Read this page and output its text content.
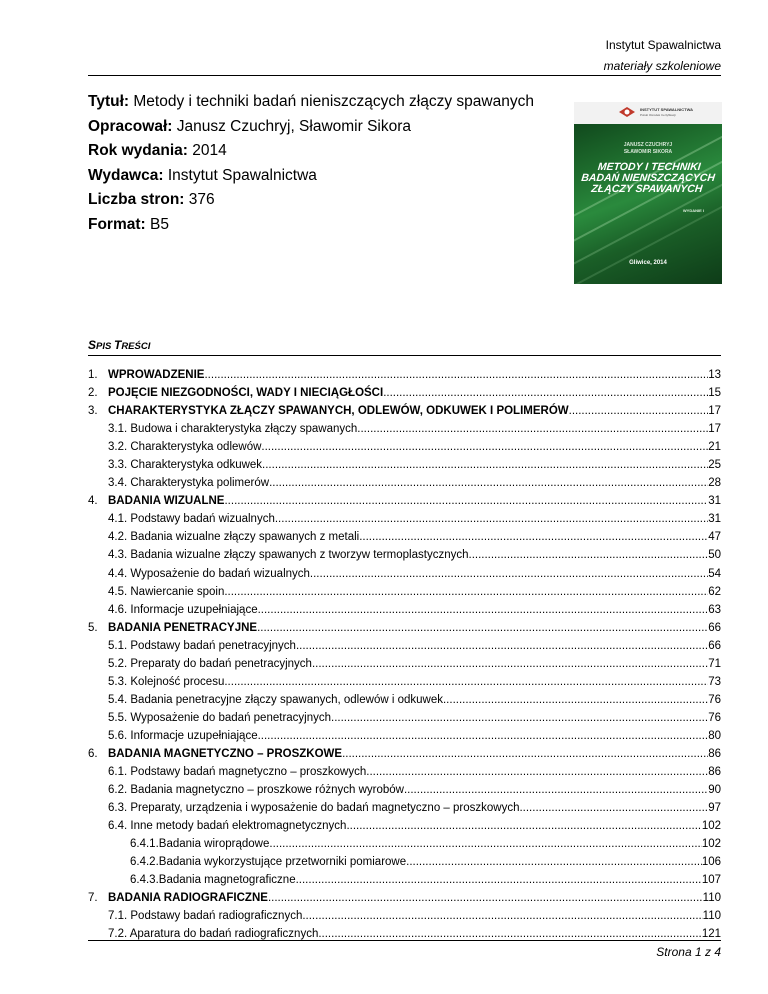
Instytut Spawalnictwa
materiały szkoleniowe
Tytuł: Metody i techniki badań nieniszczących złączy spawanych
Opracował: Janusz Czuchryj, Sławomir Sikora
Rok wydania: 2014
Wydawca: Instytut Spawalnictwa
Liczba stron: 376
Format: B5
INSTYTUT SPAWALNICTWA
Polski Ośrodek Certyfikacji
JANUSZ CZUCHRYJ
SŁAWOMIR SIKORA
METODY I TECHNIKI
BADAŃ NIENISZCZĄCYCH
ZŁĄCZY SPAWANYCH
WYDANIE I
Gliwice, 2014
SPIS TREŚCI
1. WPROWADZENIE .....	13
2. POJĘCIE NIEZGODNOŚCI, WADY I NIECIĄGŁOŚCI .....	15
3. CHARAKTERYSTYKA ZŁĄCZY SPAWANYCH, ODLEWÓW, ODKUWEK I POLIMERÓW .....	17
3.1. Budowa i charakterystyka złączy spawanych .....	17
3.2. Charakterystyka odlewów .....	21
3.3. Charakterystyka odkuwek .....	25
3.4. Charakterystyka polimerów .....	28
4. BADANIA WIZUALNE .....	31
4.1. Podstawy badań wizualnych .....	31
4.2. Badania wizualne złączy spawanych z metali .....	47
4.3. Badania wizualne złączy spawanych z tworzyw termoplastycznych .....	50
4.4. Wyposażenie do badań wizualnych .....	54
4.5. Nawiercanie spoin .....	62
4.6. Informacje uzupełniające .....	63
5. BADANIA PENETRACYJNE .....	66
5.1. Podstawy badań penetracyjnych .....	66
5.2. Preparaty do badań penetracyjnych .....	71
5.3. Kolejność procesu .....	73
5.4. Badania penetracyjne złączy spawanych, odlewów i odkuwek .....	76
5.5. Wyposażenie do badań penetracyjnych .....	76
5.6. Informacje uzupełniające .....	80
6. BADANIA MAGNETYCZNO – PROSZKOWE .....	86
6.1. Podstawy badań magnetyczno – proszkowych .....	86
6.2. Badania magnetyczno – proszkowe różnych wyrobów .....	90
6.3. Preparaty, urządzenia i wyposażenie do badań magnetyczno – proszkowych .....	97
6.4. Inne metody badań elektromagnetycznych .....	102
6.4.1.Badania wiroprądowe .....	102
6.4.2.Badania wykorzystujące przetworniki pomiarowe .....	106
6.4.3.Badania magnetograficzne .....	107
7. BADANIA RADIOGRAFICZNE .....	110
7.1. Podstawy badań radiograficznych .....	110
7.2. Aparatura do badań radiograficznych .....	121
Strona 1 z 4
